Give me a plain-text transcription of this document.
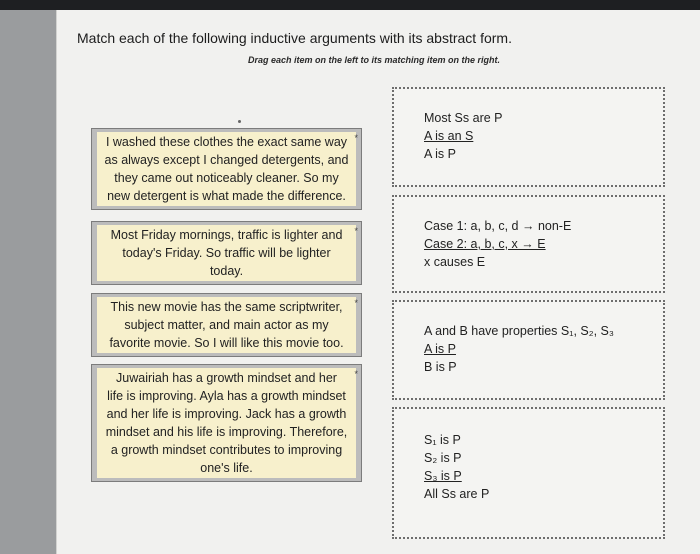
Match each of the following inductive arguments with its abstract form.
Drag each item on the left to its matching item on the right.
*
I washed these clothes the exact same way
as always except I changed detergents, and
they came out noticeably cleaner. So my
new detergent is what made the difference.
*
Most Friday mornings, traffic is lighter and
today's Friday. So traffic will be lighter
today.
*
This new movie has the same scriptwriter,
subject matter, and main actor as my
favorite movie. So I will like this movie too.
*
Juwairiah has a growth mindset and her
life is improving. Ayla has a growth mindset
and her life is improving. Jack has a growth
mindset and his life is improving. Therefore,
a growth mindset contributes to improving
one's life.
Most Ss are P
A is an S
A is P
Case 1: a, b, c, d → non-E
Case 2: a, b, c, x → E
x causes E
A and B have properties S₁, S₂, S₃
A is P
B is P
S₁ is P
S₂ is P
S₃ is P
All Ss are P
